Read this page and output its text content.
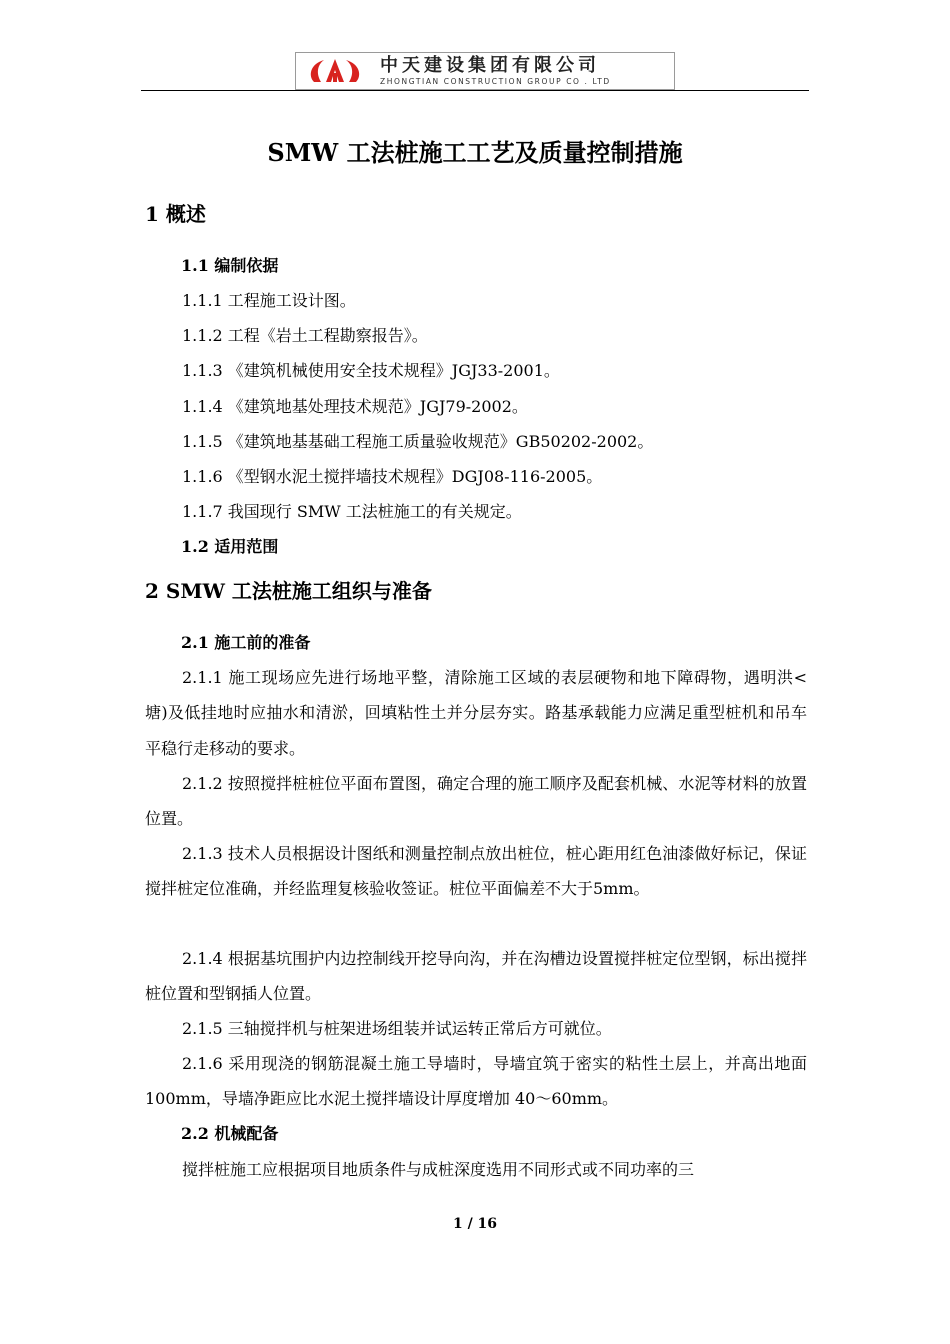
中天建设集团有限公司
ZHONGTIAN CONSTRUCTION GROUP CO . LTD
SMW 工法桩施工工艺及质量控制措施
1 概述
1.1 编制依据
1.1.1 工程施工设计图。
1.1.2 工程《岩土工程勘察报告》。
1.1.3 《建筑机械使用安全技术规程》JGJ33-2001。
1.1.4 《建筑地基处理技术规范》JGJ79-2002。
1.1.5 《建筑地基基础工程施工质量验收规范》GB50202-2002。
1.1.6 《型钢水泥土搅拌墙技术规程》DGJ08-116-2005。
1.1.7 我国现行 SMW 工法桩施工的有关规定。
1.2 适用范围
2 SMW 工法桩施工组织与准备
2.1 施工前的准备
2.1.1 施工现场应先进行场地平整，清除施工区域的表层硬物和地下障碍物，遇明洪<塘)及低挂地时应抽水和清淤，回填粘性土并分层夯实。路基承载能力应满足重型桩机和吊车平稳行走移动的要求。
2.1.2 按照搅拌桩桩位平面布置图，确定合理的施工顺序及配套机械、水泥等材料的放置位置。
2.1.3 技术人员根据设计图纸和测量控制点放出桩位，桩心距用红色油漆做好标记，保证搅拌桩定位准确，并经监理复核验收签证。桩位平面偏差不大于5mm。
2.1.4 根据基坑围护内边控制线开挖导向沟，并在沟槽边设置搅拌桩定位型钢，标出搅拌桩位置和型钢插人位置。
2.1.5 三轴搅拌机与桩架进场组装并试运转正常后方可就位。
2.1.6 采用现浇的钢筋混凝土施工导墙时，导墙宜筑于密实的粘性土层上，并高出地面 100mm，导墙净距应比水泥土搅拌墙设计厚度增加 40～60mm。
2.2 机械配备
搅拌桩施工应根据项目地质条件与成桩深度选用不同形式或不同功率的三
1 / 16
